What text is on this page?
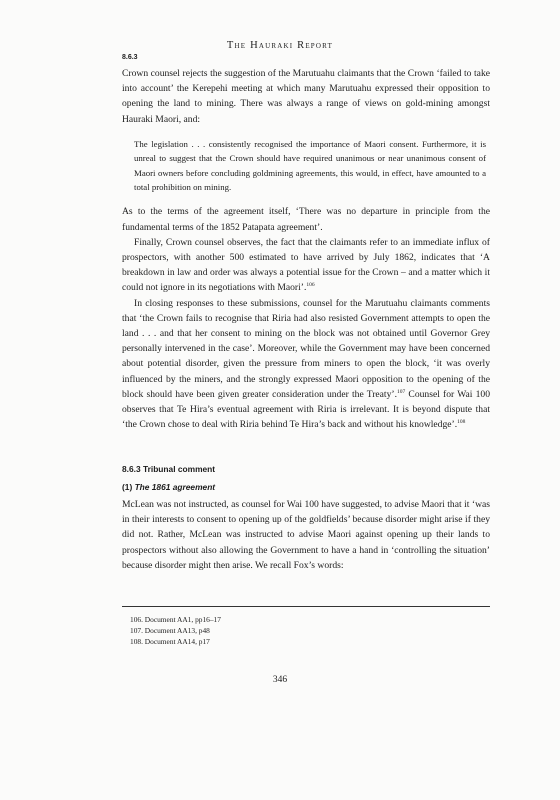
The Hauraki Report
8.6.3

Crown counsel rejects the suggestion of the Marutuahu claimants that the Crown ‘failed to take into account’ the Kerepehi meeting at which many Marutuahu expressed their opposition to opening the land to mining. There was always a range of views on gold-mining amongst Hauraki Maori, and:

The legislation . . . consistently recognised the importance of Maori consent. Furthermore, it is unreal to suggest that the Crown should have required unanimous or near unanimous consent of Maori owners before concluding goldmining agreements, this would, in effect, have amounted to a total prohibition on mining.

As to the terms of the agreement itself, ‘There was no departure in principle from the fundamental terms of the 1852 Patapata agreement’.

Finally, Crown counsel observes, the fact that the claimants refer to an immediate influx of prospectors, with another 500 estimated to have arrived by July 1862, indicates that ‘A breakdown in law and order was always a potential issue for the Crown – and a matter which it could not ignore in its negotiations with Maori’.$^{106}$

In closing responses to these submissions, counsel for the Marutuahu claimants comments that ‘the Crown fails to recognise that Riria had also resisted Government attempts to open the land . . . and that her consent to mining on the block was not obtained until Governor Grey personally intervened in the case’. Moreover, while the Government may have been concerned about potential disorder, given the pressure from miners to open the block, ‘it was overly influenced by the miners, and the strongly expressed Maori opposition to the opening of the block should have been given greater consideration under the Treaty’.$^{107}$ Counsel for Wai 100 observes that Te Hira’s eventual agreement with Riria is irrelevant. It is beyond dispute that ‘the Crown chose to deal with Riria behind Te Hira’s back and without his knowledge’.$^{108}$

8.6.3 Tribunal comment
(1) The 1861 agreement

McLean was not instructed, as counsel for Wai 100 have suggested, to advise Maori that it ‘was in their interests to consent to opening up of the goldfields’ because disorder might arise if they did not. Rather, McLean was instructed to advise Maori against opening up their lands to prospectors without also allowing the Government to have a hand in ‘controlling the situation’ because disorder might then arise. We recall Fox’s words:

106. Document AA1, pp16–17
107. Document AA13, p48
108. Document AA14, p17
346
